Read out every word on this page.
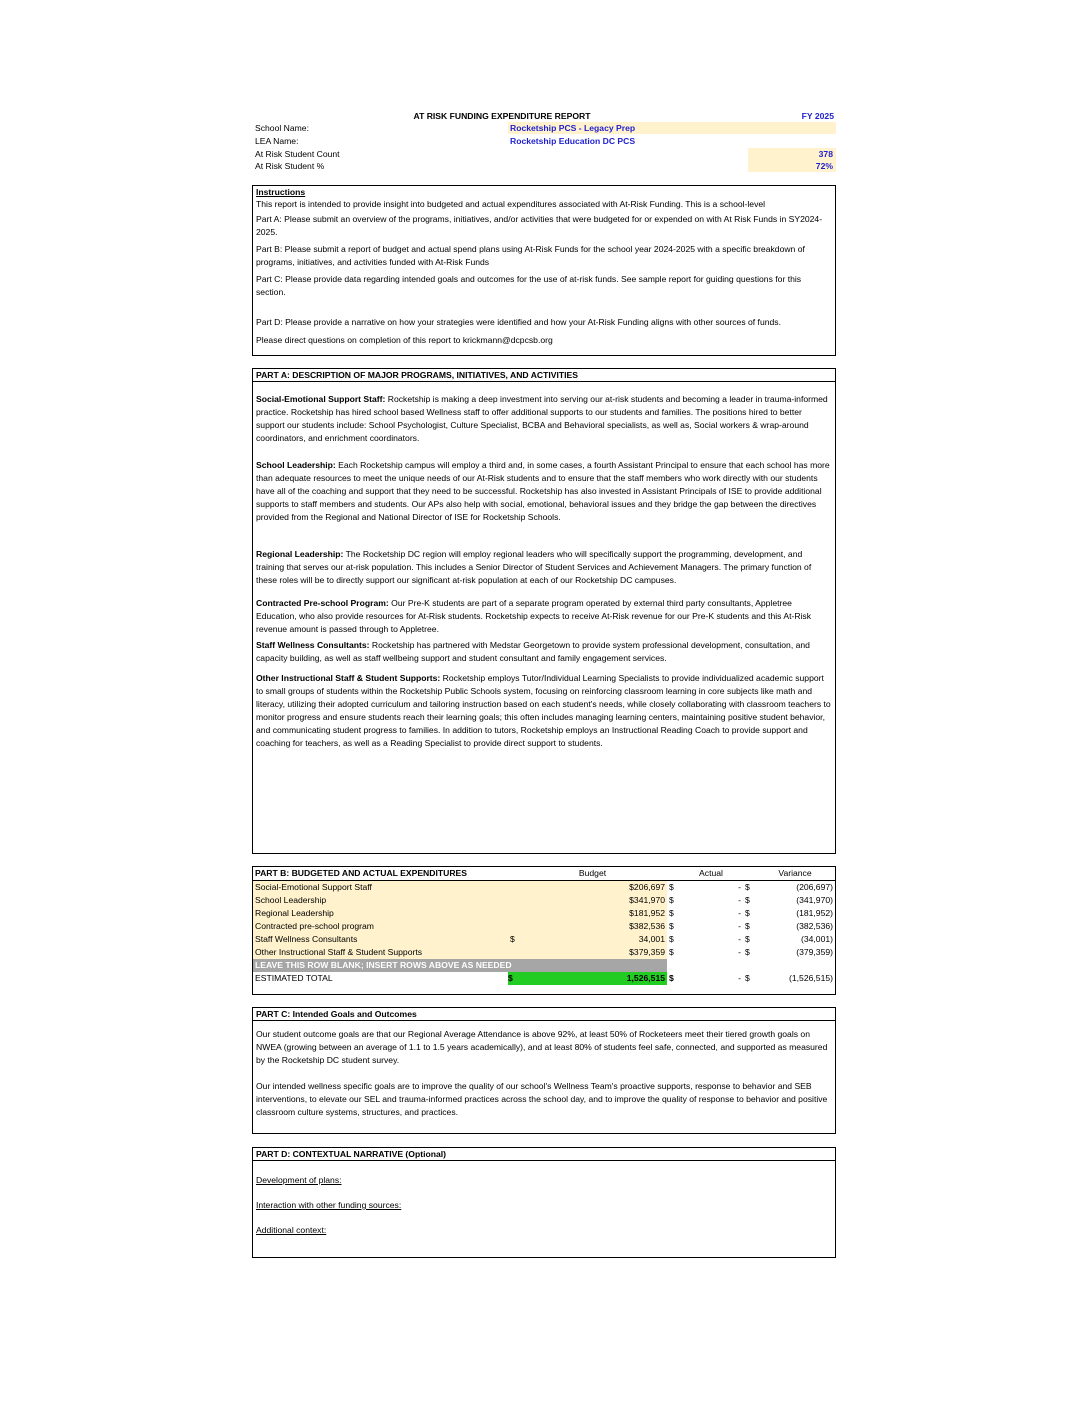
AT RISK FUNDING EXPENDITURE REPORT	FY 2025
School Name:	Rocketship PCS - Legacy Prep
LEA Name:	Rocketship Education DC PCS
At Risk Student Count	378
At Risk Student %	72%
Instructions
This report is intended to provide insight into budgeted and actual expenditures associated with At-Risk Funding. This is a school-level
Part A: Please submit an overview of the programs, initiatives, and/or activities that were budgeted for or expended on with At Risk Funds in SY2024-2025.
Part B: Please submit a report of budget and actual spend plans using At-Risk Funds for the school year 2024-2025 with a specific breakdown of programs, initiatives, and activities funded with At-Risk Funds
Part C: Please provide data regarding intended goals and outcomes for the use of at-risk funds. See sample report for guiding questions for this section.
Part D: Please provide a narrative on how your strategies were identified and how your At-Risk Funding aligns with other sources of funds.
Please direct questions on completion of this report to krickmann@dcpcsb.org
PART A: DESCRIPTION OF MAJOR PROGRAMS, INITIATIVES, AND ACTIVITIES
Social-Emotional Support Staff: Rocketship is making a deep investment into serving our at-risk students and becoming a leader in trauma-informed practice. Rocketship has hired school based Wellness staff to offer additional supports to our students and families. The positions hired to better support our students include: School Psychologist, Culture Specialist, BCBA and Behavioral specialists, as well as, Social workers & wrap-around coordinators, and enrichment coordinators.
School Leadership: Each Rocketship campus will employ a third and, in some cases, a fourth Assistant Principal to ensure that each school has more than adequate resources to meet the unique needs of our At-Risk students and to ensure that the staff members who work directly with our students have all of the coaching and support that they need to be successful. Rocketship has also invested in Assistant Principals of ISE to provide additional supports to staff members and students. Our APs also help with social, emotional, behavioral issues and they bridge the gap between the directives provided from the Regional and National Director of ISE for Rocketship Schools.
Regional Leadership: The Rocketship DC region will employ regional leaders who will specifically support the programming, development, and training that serves our at-risk population. This includes a Senior Director of Student Services and Achievement Managers. The primary function of these roles will be to directly support our significant at-risk population at each of our Rocketship DC campuses.
Contracted Pre-school Program: Our Pre-K students are part of a separate program operated by external third party consultants, Appletree Education, who also provide resources for At-Risk students. Rocketship expects to receive At-Risk revenue for our Pre-K students and this At-Risk revenue amount is passed through to Appletree.
Staff Wellness Consultants: Rocketship has partnered with Medstar Georgetown to provide system professional development, consultation, and capacity building, as well as staff wellbeing support and student consultant and family engagement services.
Other Instructional Staff & Student Supports: Rocketship employs Tutor/Individual Learning Specialists to provide individualized academic support to small groups of students within the Rocketship Public Schools system, focusing on reinforcing classroom learning in core subjects like math and literacy, utilizing their adopted curriculum and tailoring instruction based on each student's needs, while closely collaborating with classroom teachers to monitor progress and ensure students reach their learning goals; this often includes managing learning centers, maintaining positive student behavior, and communicating student progress to families. In addition to tutors, Rocketship employs an Instructional Reading Coach to provide support and coaching for teachers, as well as a Reading Specialist to provide direct support to students.
PART B: BUDGETED AND ACTUAL EXPENDITURES		Budget		Actual		Variance
Social-Emotional Support Staff		$206,697	$	-	$	(206,697)
School Leadership		$341,970	$	-	$	(341,970)
Regional Leadership		$181,952	$	-	$	(181,952)
Contracted pre-school program		$382,536	$	-	$	(382,536)
Staff Wellness Consultants	$	34,001	$	-	$	(34,001)
Other Instructional Staff & Student Supports		$379,359	$	-	$	(379,359)
LEAVE THIS ROW BLANK; INSERT ROWS ABOVE AS NEEDED						
ESTIMATED TOTAL	$	1,526,515	$	-	$	(1,526,515)
PART C: Intended Goals and Outcomes
Our student outcome goals are that our Regional Average Attendance is above 92%, at least 50% of Rocketeers meet their tiered growth goals on NWEA (growing between an average of 1.1 to 1.5 years academically), and at least 80% of students feel safe, connected, and supported as measured by the Rocketship DC student survey.
Our intended wellness specific goals are to improve the quality of our school's Wellness Team's proactive supports, response to behavior and SEB interventions, to elevate our SEL and trauma-informed practices across the school day, and to improve the quality of response to behavior and positive classroom culture systems, structures, and practices.
PART D: CONTEXTUAL NARRATIVE (Optional)
Development of plans:
Interaction with other funding sources:
Additional context:
